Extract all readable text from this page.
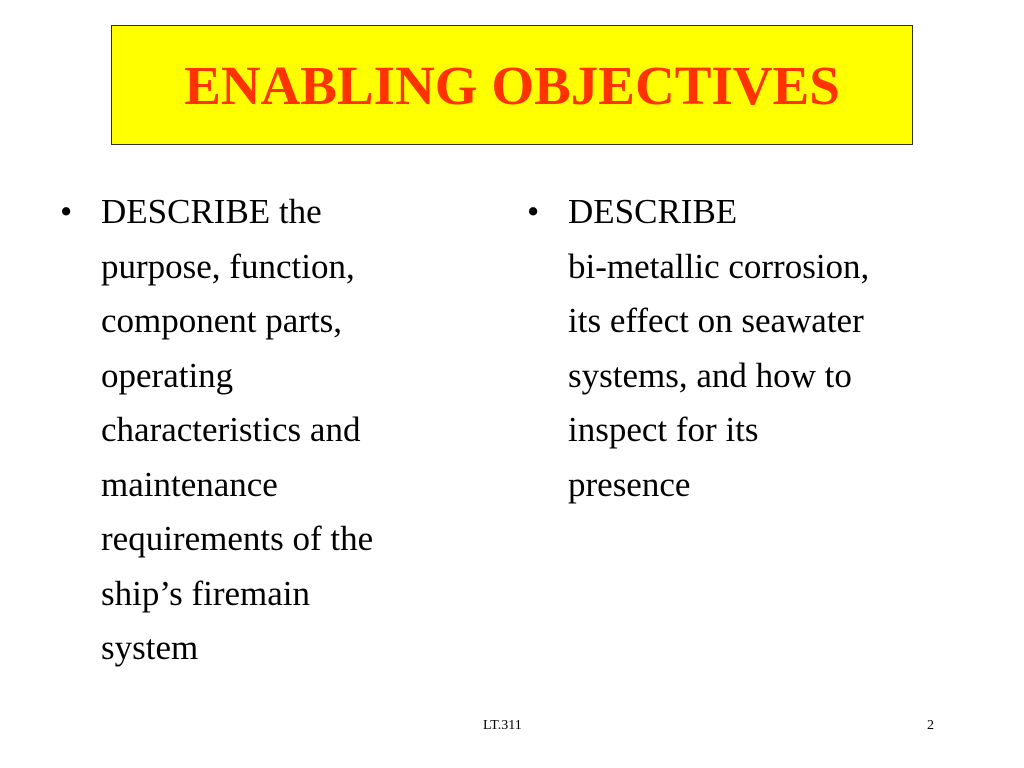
ENABLING OBJECTIVES
• DESCRIBE the
purpose, function,
component parts,
operating
characteristics and
maintenance
requirements of the
ship’s firemain
system
• DESCRIBE
bi-metallic corrosion,
its effect on seawater
systems, and how to
inspect for its
presence
LT.311	2
